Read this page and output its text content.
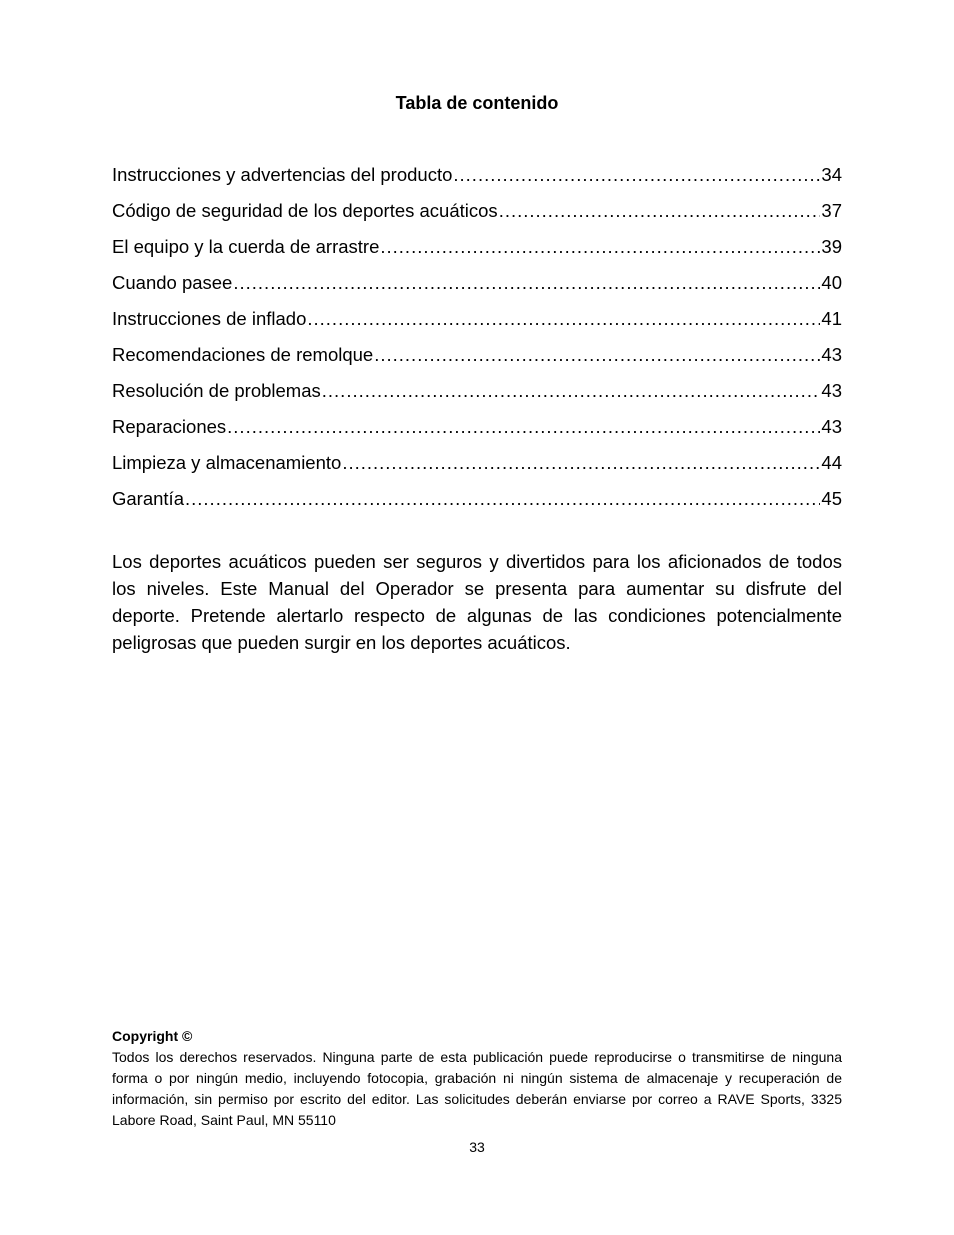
Tabla de contenido
Instrucciones y advertencias del producto .....	34
Código de seguridad de los deportes acuáticos .....	37
El equipo y la cuerda de arrastre .....	39
Cuando pasee .....	40
Instrucciones de inflado .....	41
Recomendaciones de remolque .....	43
Resolución de problemas .....	43
Reparaciones .....	43
Limpieza y almacenamiento .....	44
Garantía .....	45

Los deportes acuáticos pueden ser seguros y divertidos para los aficionados de todos los niveles. Este Manual del Operador se presenta para aumentar su disfrute del deporte. Pretende alertarlo respecto de algunas de las condiciones potencialmente peligrosas que pueden surgir en los deportes acuáticos.

Copyright ©

Todos los derechos reservados. Ninguna parte de esta publicación puede reproducirse o transmitirse de ninguna forma o por ningún medio, incluyendo fotocopia, grabación ni ningún sistema de almacenaje y recuperación de información, sin permiso por escrito del editor. Las solicitudes deberán enviarse por correo a RAVE Sports, 3325 Labore Road, Saint Paul, MN 55110

33
